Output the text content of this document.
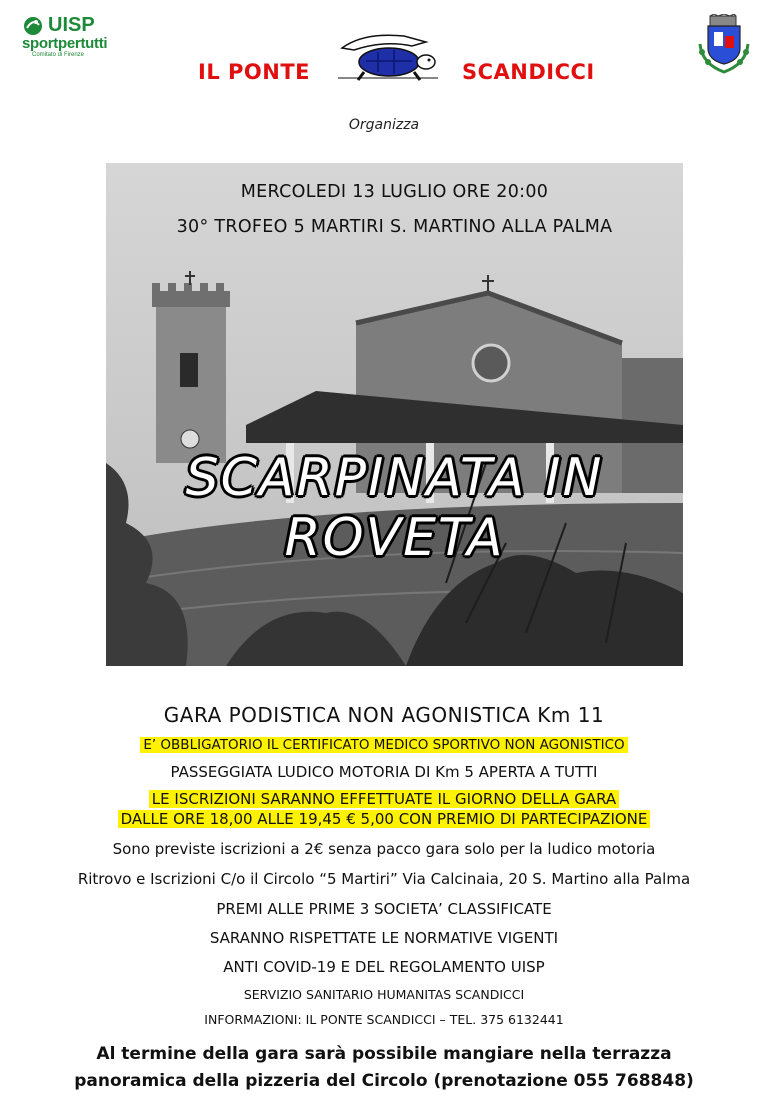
UISP
sportpertutti
Comitato di Firenze
IL PONTE	SCANDICCI
Organizza
MERCOLEDI 13 LUGLIO ORE 20:00
30° TROFEO 5 MARTIRI S. MARTINO ALLA PALMA
SCARPINATA IN ROVETA
GARA PODISTICA NON AGONISTICA Km 11
E’ OBBLIGATORIO IL CERTIFICATO MEDICO SPORTIVO NON AGONISTICO
PASSEGGIATA LUDICO MOTORIA DI Km 5 APERTA A TUTTI
LE ISCRIZIONI SARANNO EFFETTUATE IL GIORNO DELLA GARA
DALLE ORE 18,00 ALLE 19,45 € 5,00 CON PREMIO DI PARTECIPAZIONE
Sono previste iscrizioni a 2€ senza pacco gara solo per la ludico motoria
Ritrovo e Iscrizioni C/o il Circolo “5 Martiri” Via Calcinaia, 20 S. Martino alla Palma
PREMI ALLE PRIME 3 SOCIETA’ CLASSIFICATE
SARANNO RISPETTATE LE NORMATIVE VIGENTI
ANTI COVID-19 E DEL REGOLAMENTO UISP
SERVIZIO SANITARIO HUMANITAS SCANDICCI
INFORMAZIONI: IL PONTE SCANDICCI – TEL. 375 6132441
Al termine della gara sarà possibile mangiare nella terrazza
panoramica della pizzeria del Circolo (prenotazione 055 768848)
